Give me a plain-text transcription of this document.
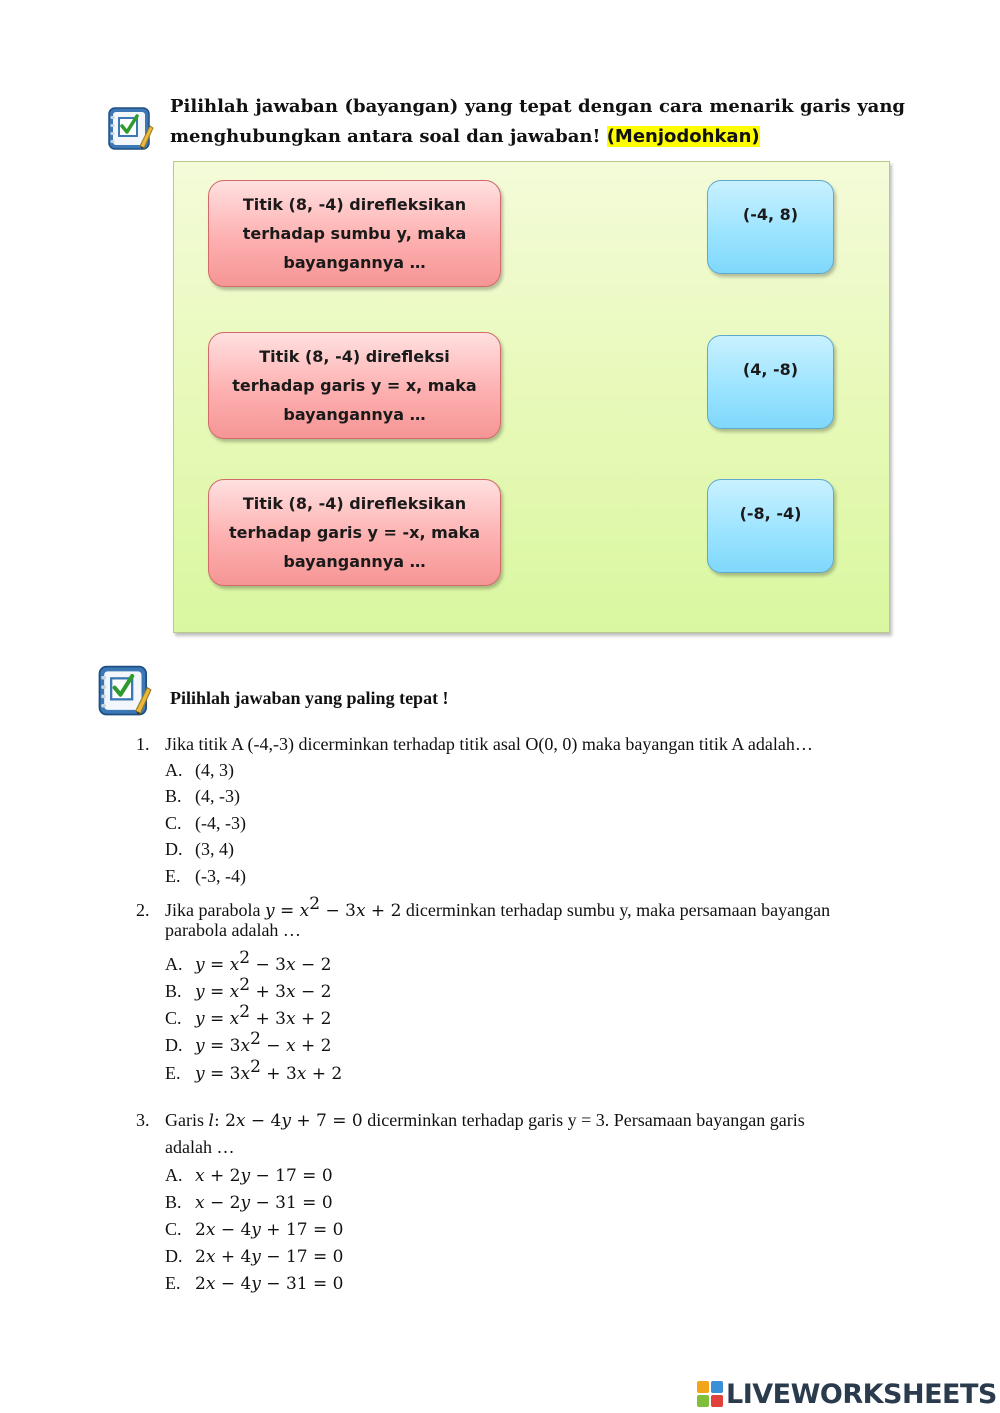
Pilihlah jawaban (bayangan) yang tepat dengan cara menarik garis yang menghubungkan antara soal dan jawaban! (Menjodohkan)
Titik (8, -4) direfleksikan terhadap sumbu y, maka bayangannya …
Titik (8, -4) direfleksi terhadap garis y = x, maka bayangannya …
Titik (8, -4) direfleksikan terhadap garis y = -x, maka bayangannya …
(-4, 8)
(4, -8)
(-8, -4)
Pilihlah jawaban yang paling tepat !
1. Jika titik A (-4,-3) dicerminkan terhadap titik asal O(0, 0) maka bayangan titik A adalah…
A. (4, 3)
B. (4, -3)
C. (-4, -3)
D. (3, 4)
E. (-3, -4)
2. Jika parabola $y = x^2 - 3x + 2$ dicerminkan terhadap sumbu y, maka persamaan bayangan
parabola adalah …
A. $y = x^2 - 3x - 2$
B. $y = x^2 + 3x - 2$
C. $y = x^2 + 3x + 2$
D. $y = 3x^2 - x + 2$
E. $y = 3x^2 + 3x + 2$
3. Garis l: 2x − 4y + 7 = 0 dicerminkan terhadap garis y = 3. Persamaan bayangan garis
adalah …
A. x + 2y − 17 = 0
B. x − 2y − 31 = 0
C. 2x − 4y + 17 = 0
D. 2x + 4y − 17 = 0
E. 2x − 4y − 31 = 0
LIVEWORKSHEETS
